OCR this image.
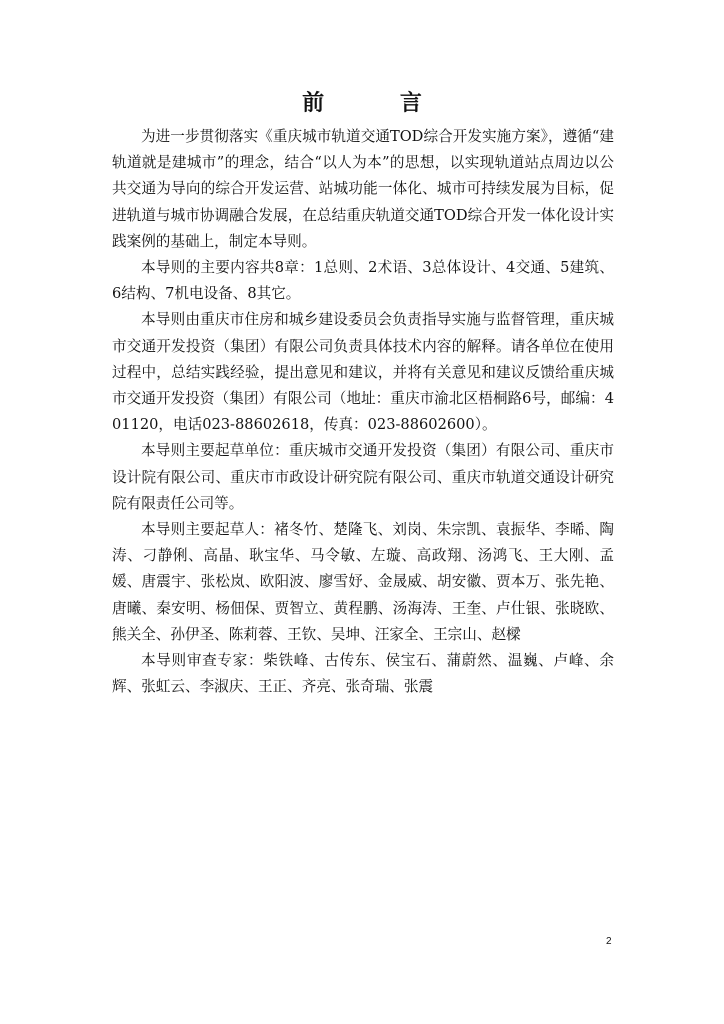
前 言

为进一步贯彻落实《重庆城市轨道交通TOD综合开发实施方案》，遵循“建轨道就是建城市”的理念，结合“以人为本”的思想，以实现轨道站点周边以公共交通为导向的综合开发运营、站城功能一体化、城市可持续发展为目标，促进轨道与城市协调融合发展，在总结重庆轨道交通TOD综合开发一体化设计实践案例的基础上，制定本导则。

本导则的主要内容共8章：1总则、2术语、3总体设计、4交通、5建筑、6结构、7机电设备、8其它。

本导则由重庆市住房和城乡建设委员会负责指导实施与监督管理，重庆城市交通开发投资（集团）有限公司负责具体技术内容的解释。请各单位在使用过程中，总结实践经验，提出意见和建议，并将有关意见和建议反馈给重庆城市交通开发投资（集团）有限公司（地址：重庆市渝北区梧桐路6号，邮编：401120，电话023-88602618，传真：023-88602600）。

本导则主要起草单位：重庆城市交通开发投资（集团）有限公司、重庆市设计院有限公司、重庆市市政设计研究院有限公司、重庆市轨道交通设计研究院有限责任公司等。

本导则主要起草人：褚冬竹、楚隆飞、刘岗、朱宗凯、袁振华、李晞、陶涛、刁静俐、高晶、耿宝华、马令敏、左璇、高政翔、汤鸿飞、王大刚、孟媛、唐震宇、张松岚、欧阳波、廖雪妤、金晟威、胡安徽、贾本万、张先艳、唐曦、秦安明、杨佃保、贾智立、黄程鹏、汤海涛、王奎、卢仕银、张晓欧、熊关全、孙伊圣、陈莉蓉、王钦、吴坤、汪家全、王宗山、赵樑

本导则审查专家：柴铁峰、古传东、侯宝石、蒲蔚然、温巍、卢峰、余辉、张虹云、李淑庆、王正、齐亮、张奇瑞、张震

2
